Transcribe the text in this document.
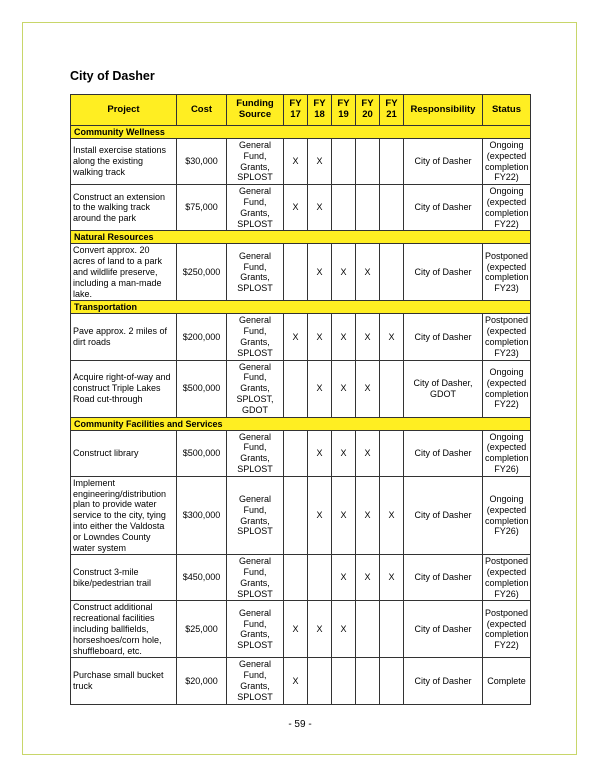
City of Dasher
Project	Cost	Funding Source	FY 17	FY 18	FY 19	FY 20	FY 21	Responsibility	Status
Community Wellness									
Install exercise stations along the existing walking track	$30,000	General Fund, Grants, SPLOST	X	X				City of Dasher	Ongoing (expected completion FY22)
Construct an extension to the walking track around the park	$75,000	General Fund, Grants, SPLOST	X	X				City of Dasher	Ongoing (expected completion FY22)
Natural Resources									
Convert approx. 20 acres of land to a park and wildlife preserve, including a man-made lake.	$250,000	General Fund, Grants, SPLOST		X	X	X		City of Dasher	Postponed (expected completion FY23)
Transportation									
Pave approx. 2 miles of dirt roads	$200,000	General Fund, Grants, SPLOST	X	X	X	X	X	City of Dasher	Postponed (expected completion FY23)
Acquire right-of-way and construct Triple Lakes Road cut-through	$500,000	General Fund, Grants, SPLOST, GDOT		X	X	X		City of Dasher, GDOT	Ongoing (expected completion FY22)
Community Facilities and Services									
Construct library	$500,000	General Fund, Grants, SPLOST		X	X	X		City of Dasher	Ongoing (expected completion FY26)
Implement engineering/distribution plan to provide water service to the city, tying into either the Valdosta or Lowndes County water system	$300,000	General Fund, Grants, SPLOST		X	X	X	X	City of Dasher	Ongoing (expected completion FY26)
Construct 3-mile bike/pedestrian trail	$450,000	General Fund, Grants, SPLOST			X	X	X	City of Dasher	Postponed (expected completion FY26)
Construct additional recreational facilities including ballfields, horseshoes/corn hole, shuffleboard, etc.	$25,000	General Fund, Grants, SPLOST	X	X	X			City of Dasher	Postponed (expected completion FY22)
Purchase small bucket truck	$20,000	General Fund, Grants, SPLOST	X					City of Dasher	Complete
- 59 -
